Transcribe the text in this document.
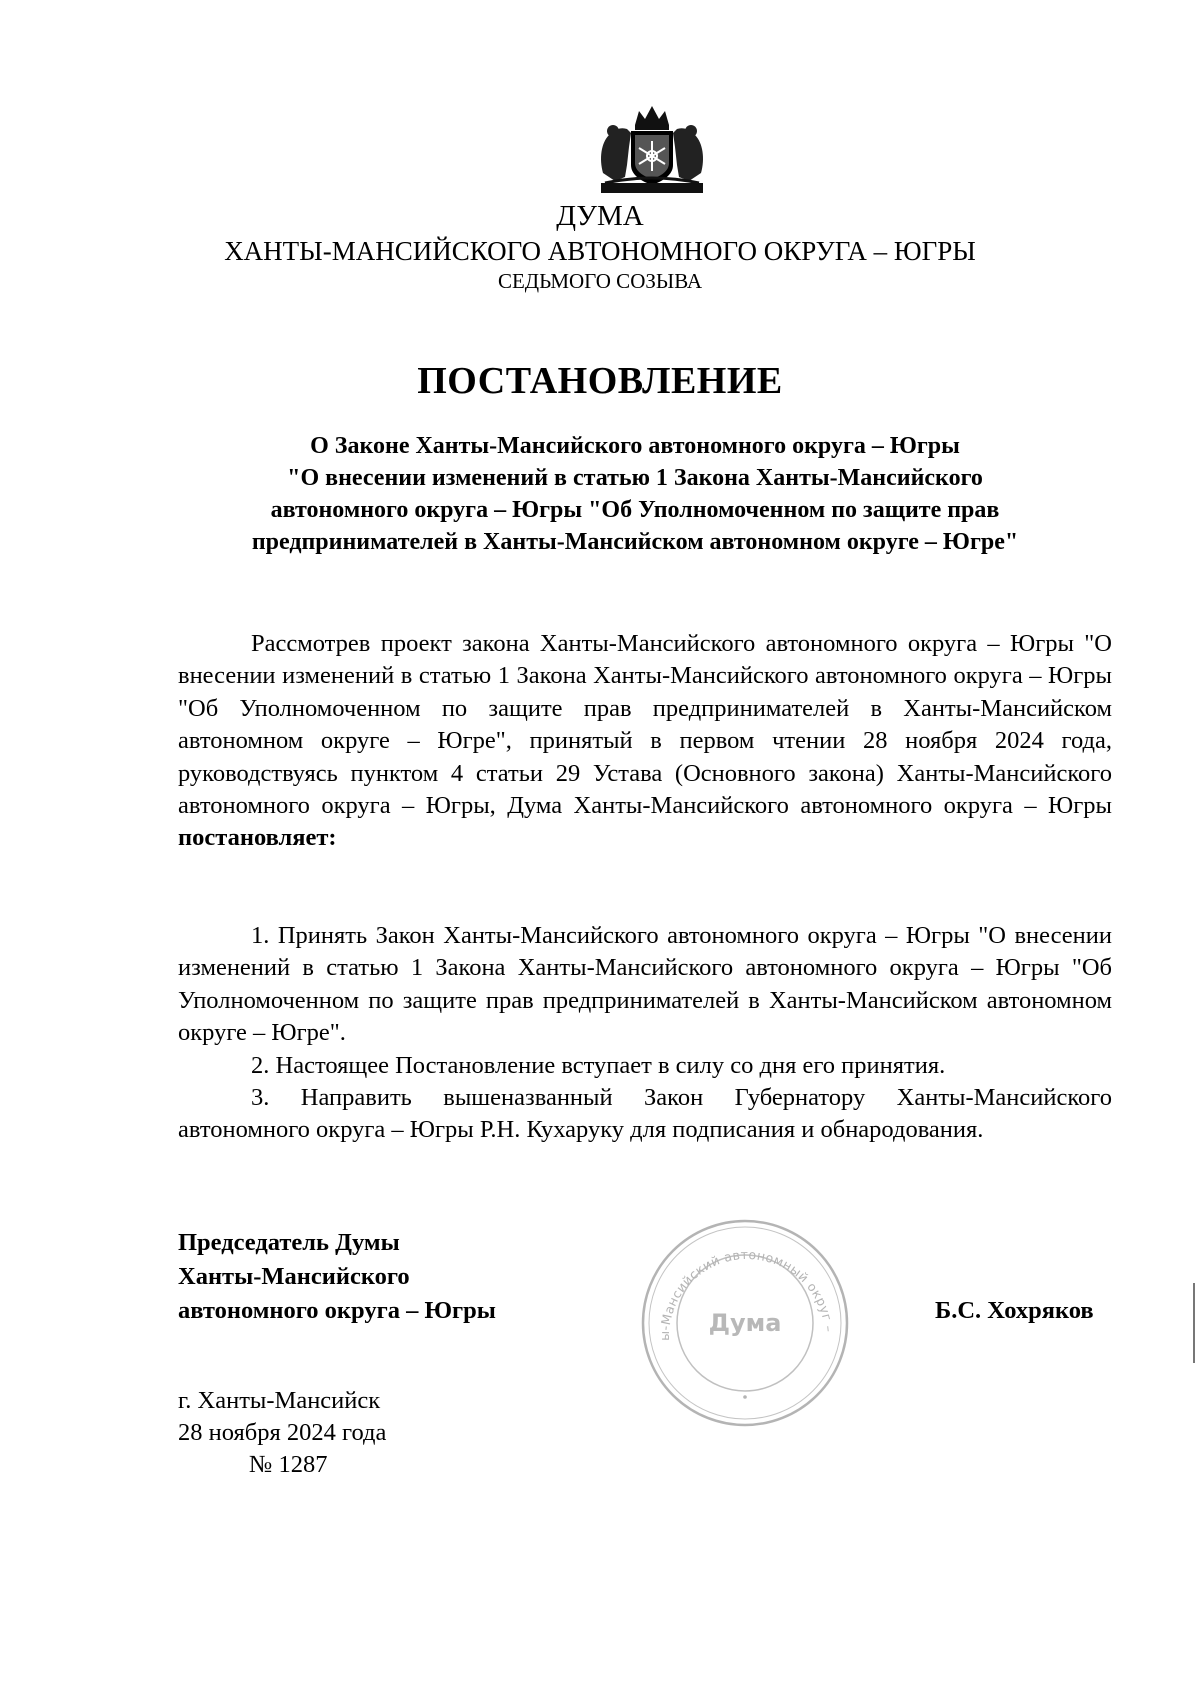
ДУМА
ХАНТЫ-МАНСИЙСКОГО АВТОНОМНОГО ОКРУГА – ЮГРЫ
СЕДЬМОГО СОЗЫВА
ПОСТАНОВЛЕНИЕ
О Законе Ханты-Мансийского автономного округа – Югры
"О внесении изменений в статью 1 Закона Ханты-Мансийского
автономного округа – Югры "Об Уполномоченном по защите прав
предпринимателей в Ханты-Мансийском автономном округе – Югре"

Рассмотрев проект закона Ханты-Мансийского автономного округа – Югры "О внесении изменений в статью 1 Закона Ханты-Мансийского автономного округа – Югры "Об Уполномоченном по защите прав предпринимателей в Ханты-Мансийском автономном округе – Югре", принятый в первом чтении 28 ноября 2024 года, руководствуясь пунктом 4 статьи 29 Устава (Основного закона) Ханты-Мансийского автономного округа – Югры, Дума Ханты-Мансийского автономного округа – Югры постановляет:

1. Принять Закон Ханты-Мансийского автономного округа – Югры "О внесении изменений в статью 1 Закона Ханты-Мансийского автономного округа – Югры "Об Уполномоченном по защите прав предпринимателей в Ханты-Мансийском автономном округе – Югре".

2. Настоящее Постановление вступает в силу со дня его принятия.

3. Направить вышеназванный Закон Губернатору Ханты-Мансийского автономного округа – Югры Р.Н. Кухаруку для подписания и обнародования.

Председатель Думы
Ханты-Мансийского
автономного округа – Югры
ы-Мансийский автономный округ –
Дума	Б.С. Хохряков
г. Ханты-Мансийск
28 ноября 2024 года
№ 1287
